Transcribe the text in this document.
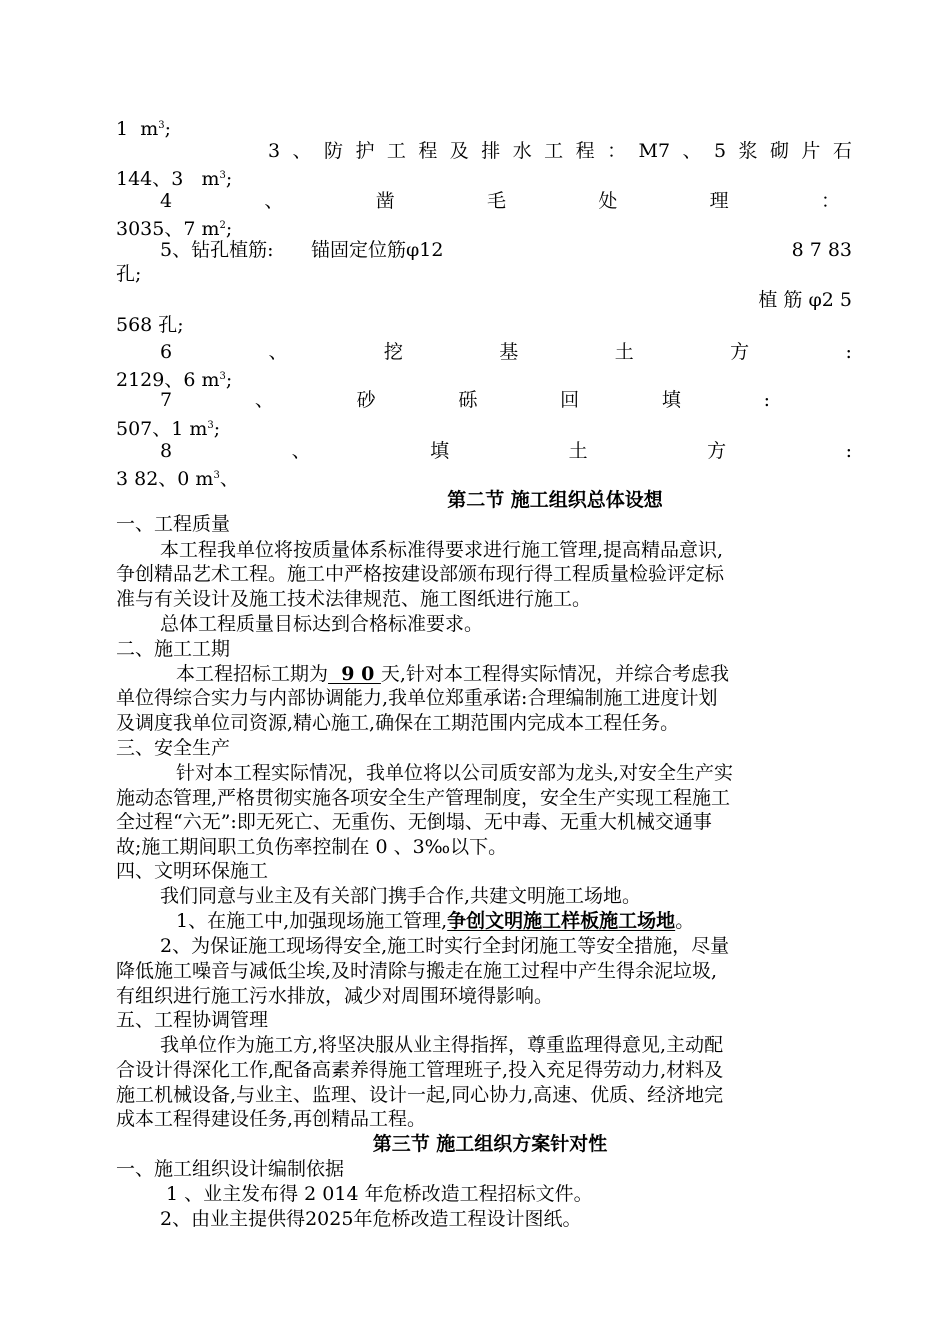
1 $m^3$;
3 、 防 护 工 程 及 排 水 工 程 ： M7 、 5 浆 砌 片 石
144、3 $m^3$;
4	、	凿	毛	处	理	：
3035、7 $m^2$;
5、钻孔植筋: 锚固定位筋φ12	8 7 83
孔;
植 筋 φ2 5
568 孔;
6	、	挖	基	土	方	:
2129、6 $m^3$;
7	、	砂	砾	回	填	:
507、1 $m^3$;
8	、	填	土	方	:
3 82、0 $m^3$、
第二节 施工组织总体设想
一、工程质量
本工程我单位将按质量体系标准得要求进行施工管理,提高精品意识,
争创精品艺术工程。施工中严格按建设部颁布现行得工程质量检验评定标
准与有关设计及施工技术法律规范、施工图纸进行施工。
总体工程质量目标达到合格标准要求。
二、施工工期
本工程招标工期为  9 0 天,针对本工程得实际情况，并综合考虑我
单位得综合实力与内部协调能力,我单位郑重承诺:合理编制施工进度计划
及调度我单位司资源,精心施工,确保在工期范围内完成本工程任务。
三、安全生产
针对本工程实际情况，我单位将以公司质安部为龙头,对安全生产实
施动态管理,严格贯彻实施各项安全生产管理制度，安全生产实现工程施工
全过程“六无”:即无死亡、无重伤、无倒塌、无中毒、无重大机械交通事
故;施工期间职工负伤率控制在 0 、3‰以下。
四、文明环保施工
我们同意与业主及有关部门携手合作,共建文明施工场地。
1、在施工中,加强现场施工管理,争创文明施工样板施工场地。
2、为保证施工现场得安全,施工时实行全封闭施工等安全措施，尽量
降低施工噪音与减低尘埃,及时清除与搬走在施工过程中产生得余泥垃圾,
有组织进行施工污水排放，减少对周围环境得影响。
五、工程协调管理
我单位作为施工方,将坚决服从业主得指挥，尊重监理得意见,主动配
合设计得深化工作,配备高素养得施工管理班子,投入充足得劳动力,材料及
施工机械设备,与业主、监理、设计一起,同心协力,高速、优质、经济地完
成本工程得建设任务,再创精品工程。
第三节 施工组织方案针对性
一、施工组织设计编制依据
1 、业主发布得 2 014 年危桥改造工程招标文件。
2、由业主提供得2025年危桥改造工程设计图纸。
